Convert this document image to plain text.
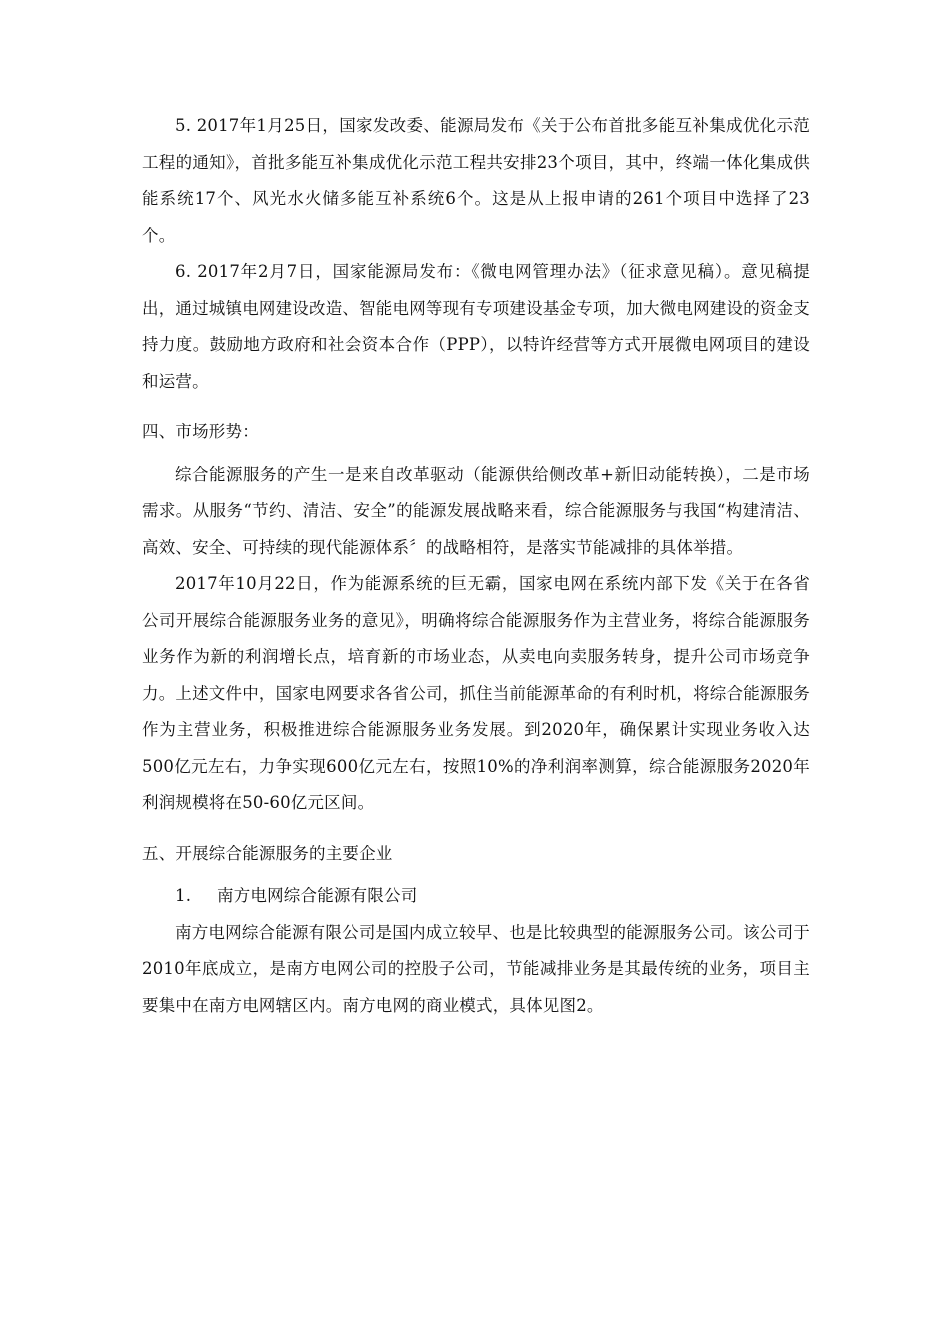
5. 2017年1月25日，国家发改委、能源局发布《关于公布首批多能互补集成优化示范工程的通知》，首批多能互补集成优化示范工程共安排23个项目，其中，终端一体化集成供能系统17个、风光水火储多能互补系统6个。这是从上报申请的261个项目中选择了23个。

6. 2017年2月7日，国家能源局发布：《微电网管理办法》（征求意见稿）。意见稿提出，通过城镇电网建设改造、智能电网等现有专项建设基金专项，加大微电网建设的资金支持力度。鼓励地方政府和社会资本合作（PPP），以特许经营等方式开展微电网项目的建设和运营。

四、市场形势：

综合能源服务的产生一是来自改革驱动（能源供给侧改革+新旧动能转换），二是市场需求。从服务“节约、清洁、安全”的能源发展战略来看，综合能源服务与我国“构建清洁、高效、安全、可持续的现代能源体系〞的战略相符，是落实节能减排的具体举措。

2017年10月22日，作为能源系统的巨无霸，国家电网在系统内部下发《关于在各省公司开展综合能源服务业务的意见》，明确将综合能源服务作为主营业务，将综合能源服务业务作为新的利润增长点，培育新的市场业态，从卖电向卖服务转身，提升公司市场竞争力。上述文件中，国家电网要求各省公司，抓住当前能源革命的有利时机，将综合能源服务作为主营业务，积极推进综合能源服务业务发展。到2020年，确保累计实现业务收入达500亿元左右，力争实现600亿元左右，按照10%的净利润率测算，综合能源服务2020年利润规模将在50-60亿元区间。

五、开展综合能源服务的主要企业

1. 南方电网综合能源有限公司

南方电网综合能源有限公司是国内成立较早、也是比较典型的能源服务公司。该公司于2010年底成立，是南方电网公司的控股子公司，节能减排业务是其最传统的业务，项目主要集中在南方电网辖区内。南方电网的商业模式，具体见图2。
